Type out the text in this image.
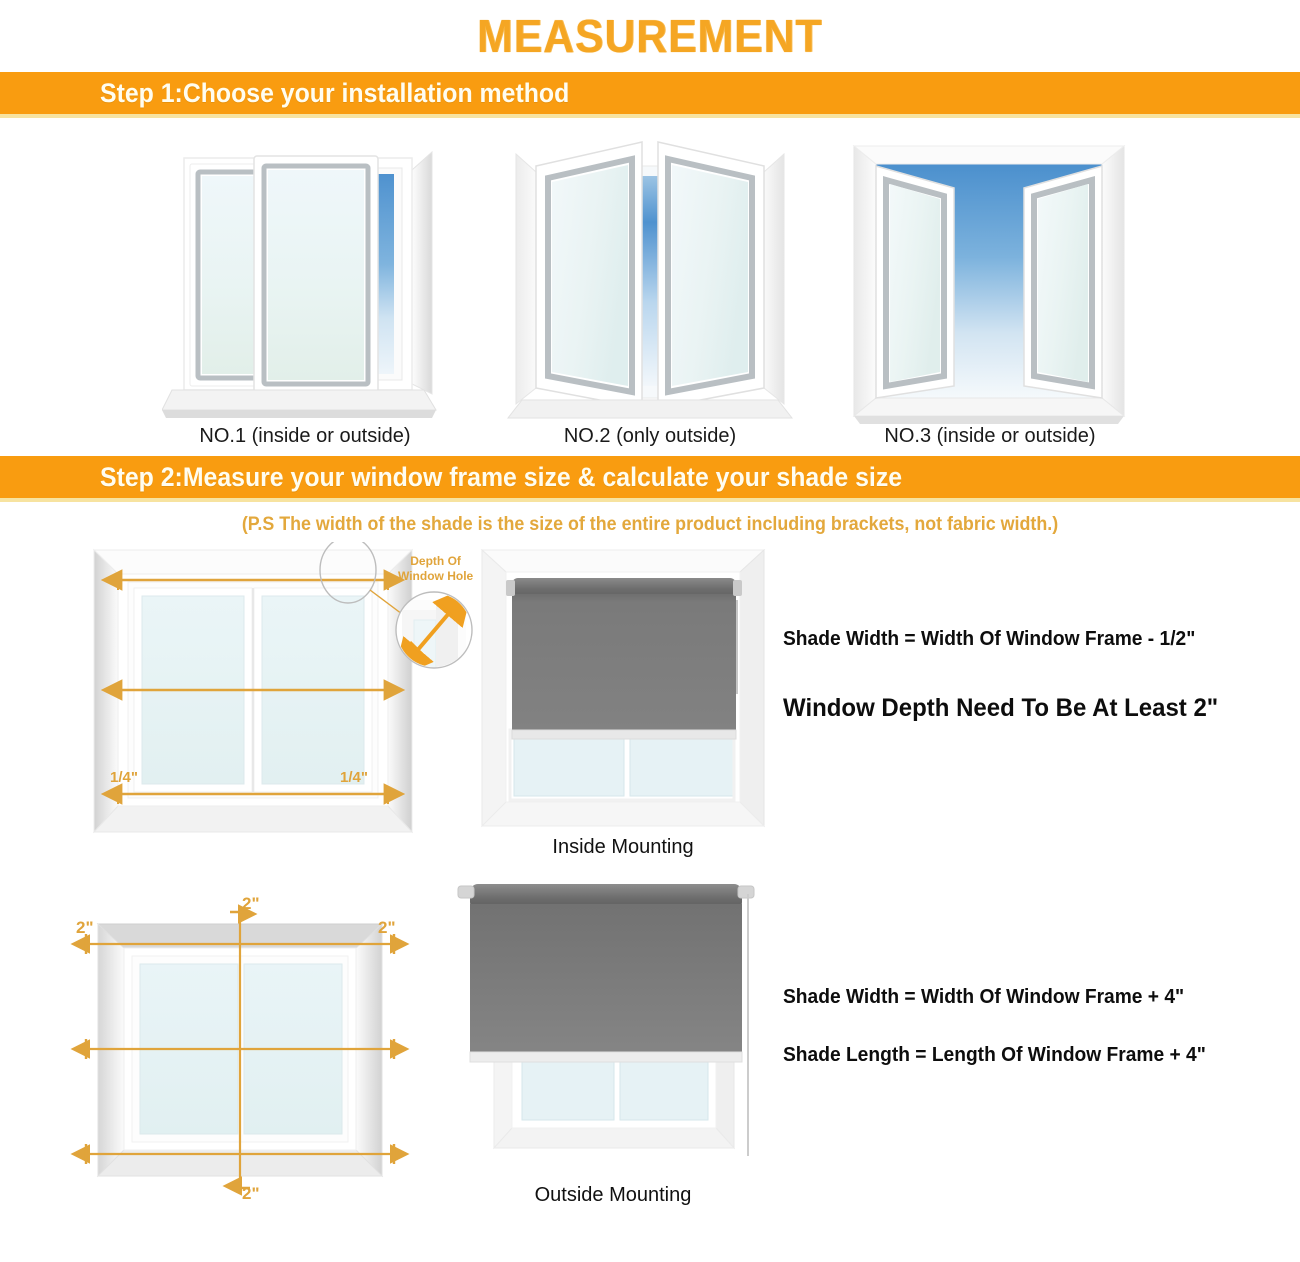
MEASUREMENT
Step 1:Choose your installation method
NO.1 (inside or outside)	NO.2 (only outside)	NO.3 (inside or outside)
Step 2:Measure your window frame size & calculate your shade size
(P.S The width of the shade is the size of the entire product including brackets, not fabric width.)
1/4"	1/4"
Depth Of
Window Hole
Inside Mounting
Shade Width = Width Of Window Frame - 1/2"
Window Depth Need To Be At Least 2"
2"
2"	2"
2"	Outside Mounting
Shade Width = Width Of Window Frame + 4"
Shade Length = Length Of Window Frame + 4"
